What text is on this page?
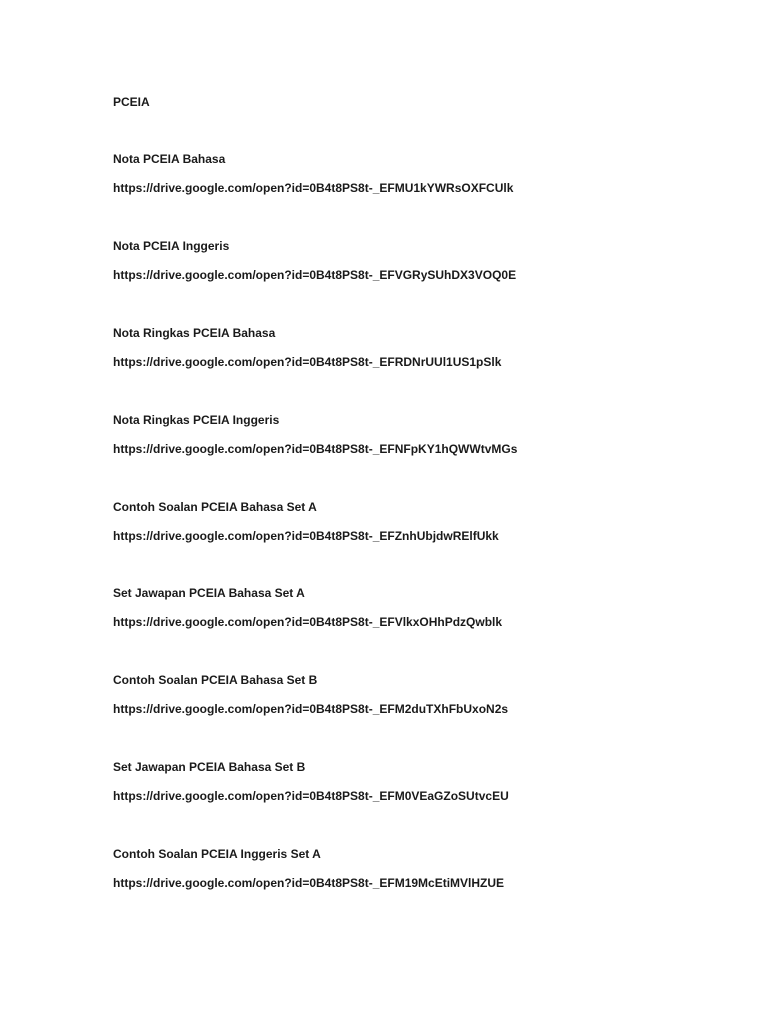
PCEIA
Nota PCEIA Bahasa
https://drive.google.com/open?id=0B4t8PS8t-_EFMU1kYWRsOXFCUlk
Nota PCEIA Inggeris
https://drive.google.com/open?id=0B4t8PS8t-_EFVGRySUhDX3VOQ0E
Nota Ringkas PCEIA Bahasa
https://drive.google.com/open?id=0B4t8PS8t-_EFRDNrUUl1US1pSlk
Nota Ringkas PCEIA Inggeris
https://drive.google.com/open?id=0B4t8PS8t-_EFNFpKY1hQWWtvMGs
Contoh Soalan PCEIA Bahasa Set A
https://drive.google.com/open?id=0B4t8PS8t-_EFZnhUbjdwRElfUkk
Set Jawapan PCEIA Bahasa Set A
https://drive.google.com/open?id=0B4t8PS8t-_EFVlkxOHhPdzQwblk
Contoh Soalan PCEIA Bahasa Set B
https://drive.google.com/open?id=0B4t8PS8t-_EFM2duTXhFbUxoN2s
Set Jawapan PCEIA Bahasa Set B
https://drive.google.com/open?id=0B4t8PS8t-_EFM0VEaGZoSUtvcEU
Contoh Soalan PCEIA Inggeris Set A
https://drive.google.com/open?id=0B4t8PS8t-_EFM19McEtiMVlHZUE
